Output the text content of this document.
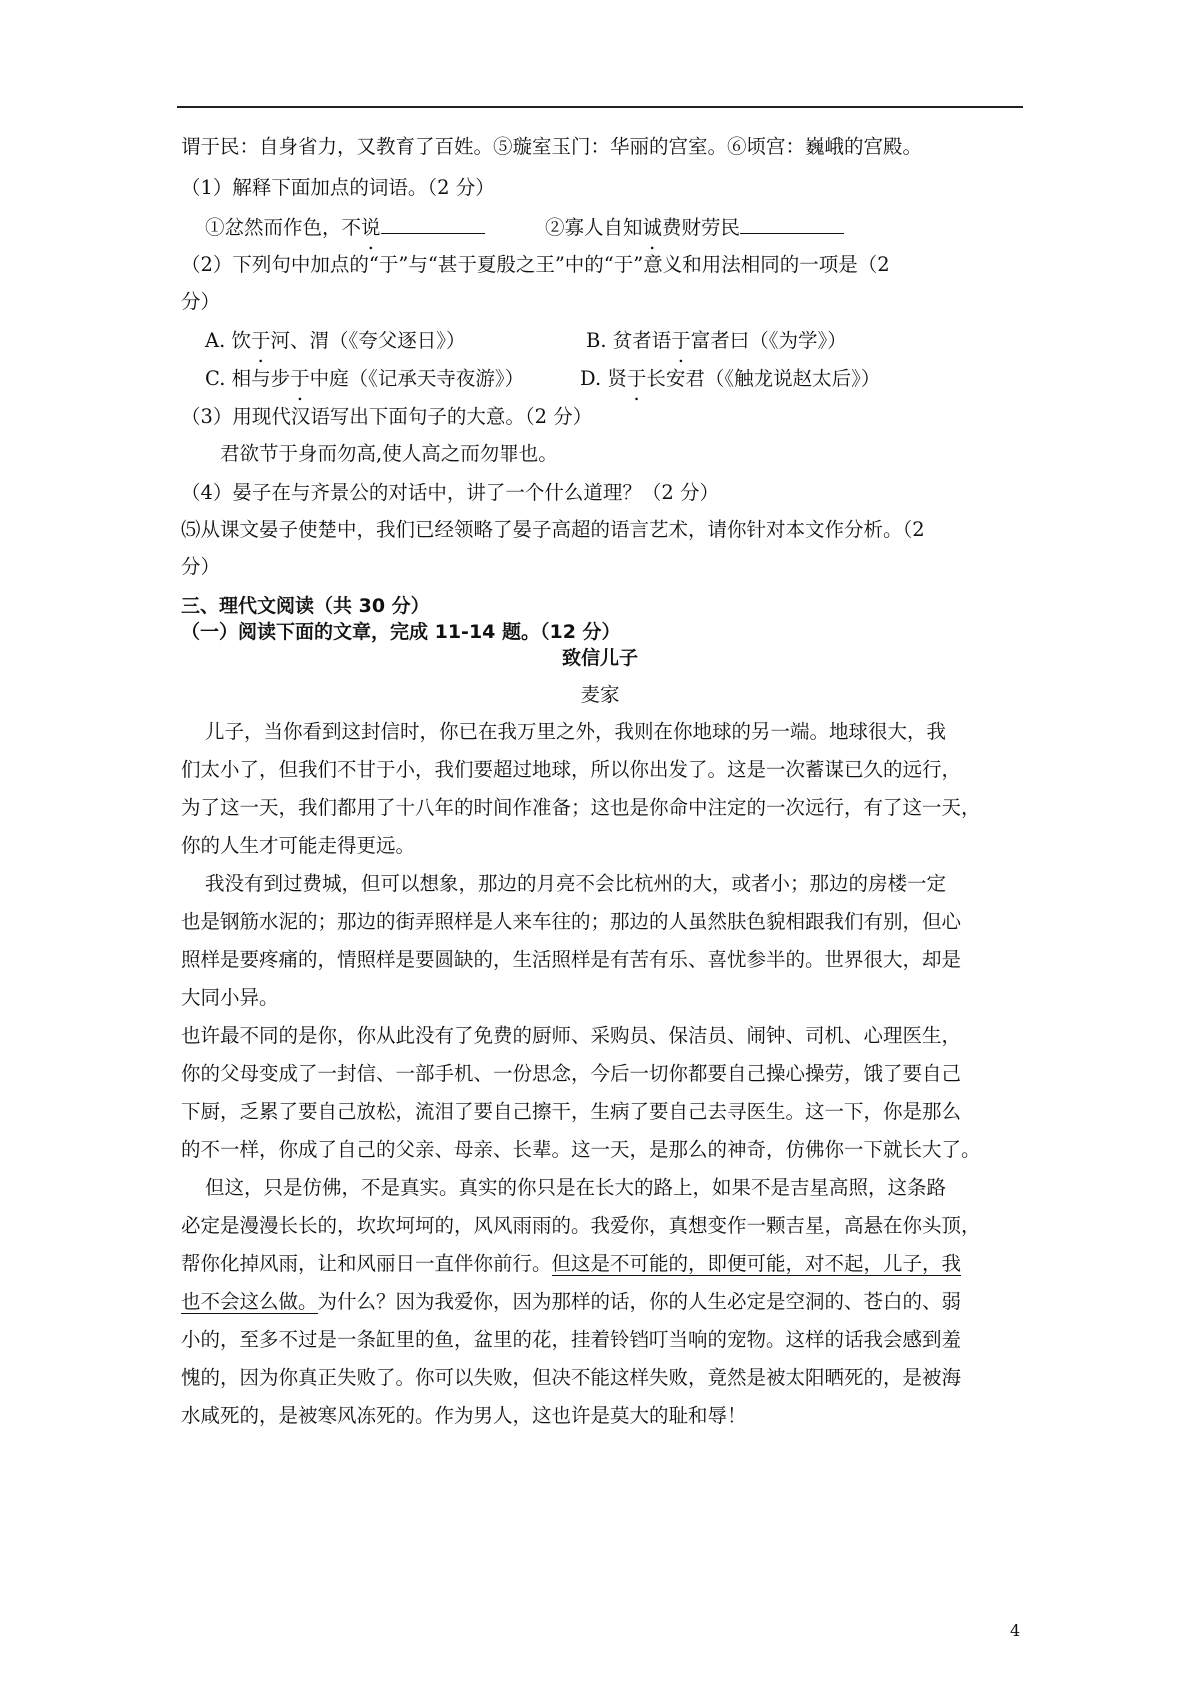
谓于民：自身省力，又教育了百姓。⑤璇室玉门：华丽的宫室。⑥顷宫：巍峨的宫殿。
（1）解释下面加点的词语。（2 分）
①忿然而作色，不说	②寡人自知诚费财劳民
（2）下列句中加点的“于”与“甚于夏殷之王”中的“于”意义和用法相同的一项是（2
分）
A. 饮于河、渭（《夸父逐日》）	B. 贫者语于富者曰（《为学》）
C. 相与步于中庭（《记承天寺夜游》）	D. 贤于长安君（《触龙说赵太后》）
（3）用现代汉语写出下面句子的大意。（2 分）
君欲节于身而勿高,使人高之而勿罪也。
（4）晏子在与齐景公的对话中，讲了一个什么道理？（2 分）
⑸从课文晏子使楚中，我们已经领略了晏子高超的语言艺术，请你针对本文作分析。（2
分）
三、理代文阅读（共 30 分）
（一）阅读下面的文章，完成 11-14 题。（12 分）
致信儿子
麦家
儿子，当你看到这封信时，你已在我万里之外，我则在你地球的另一端。地球很大，我
们太小了，但我们不甘于小，我们要超过地球，所以你出发了。这是一次蓄谋已久的远行，
为了这一天，我们都用了十八年的时间作准备；这也是你命中注定的一次远行，有了这一天，
你的人生才可能走得更远。
我没有到过费城，但可以想象，那边的月亮不会比杭州的大，或者小；那边的房楼一定
也是钢筋水泥的；那边的街弄照样是人来车往的；那边的人虽然肤色貌相跟我们有别，但心
照样是要疼痛的，情照样是要圆缺的，生活照样是有苦有乐、喜忧参半的。世界很大，却是
大同小异。
也许最不同的是你，你从此没有了免费的厨师、采购员、保洁员、闹钟、司机、心理医生，
你的父母变成了一封信、一部手机、一份思念，今后一切你都要自己操心操劳，饿了要自己
下厨，乏累了要自己放松，流泪了要自己擦干，生病了要自己去寻医生。这一下，你是那么
的不一样，你成了自己的父亲、母亲、长辈。这一天，是那么的神奇，仿佛你一下就长大了。
但这，只是仿佛，不是真实。真实的你只是在长大的路上，如果不是吉星高照，这条路
必定是漫漫长长的，坎坎坷坷的，风风雨雨的。我爱你，真想变作一颗吉星，高悬在你头顶，
帮你化掉风雨，让和风丽日一直伴你前行。但这是不可能的，即便可能，对不起，儿子，我
也不会这么做。为什么？因为我爱你，因为那样的话，你的人生必定是空洞的、苍白的、弱
小的，至多不过是一条缸里的鱼，盆里的花，挂着铃铛叮当响的宠物。这样的话我会感到羞
愧的，因为你真正失败了。你可以失败，但决不能这样失败，竟然是被太阳晒死的，是被海
水咸死的，是被寒风冻死的。作为男人，这也许是莫大的耻和辱！
4
